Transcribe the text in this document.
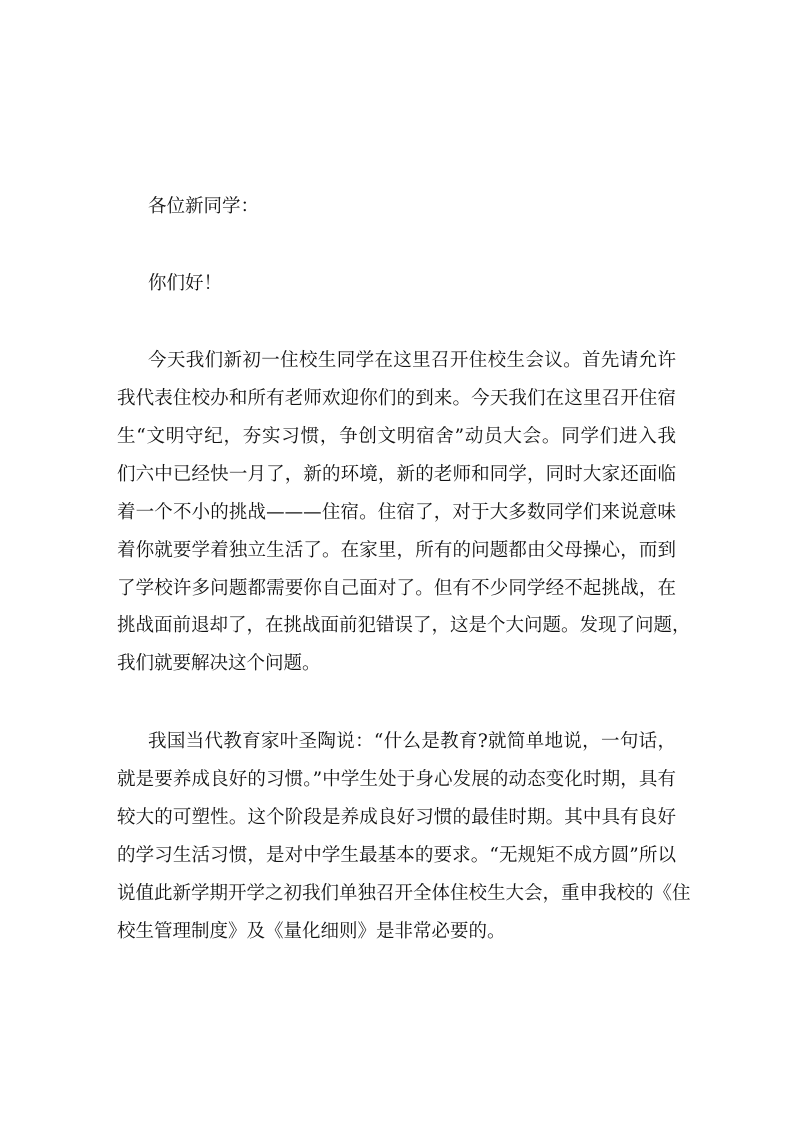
各位新同学：
你们好！
今天我们新初一住校生同学在这里召开住校生会议。首先请允许
我代表住校办和所有老师欢迎你们的到来。今天我们在这里召开住宿
生“文明守纪，夯实习惯，争创文明宿舍”动员大会。同学们进入我
们六中已经快一月了，新的环境，新的老师和同学，同时大家还面临
着一个不小的挑战———住宿。住宿了，对于大多数同学们来说意味
着你就要学着独立生活了。在家里，所有的问题都由父母操心，而到
了学校许多问题都需要你自己面对了。但有不少同学经不起挑战，在
挑战面前退却了，在挑战面前犯错误了，这是个大问题。发现了问题，
我们就要解决这个问题。
我国当代教育家叶圣陶说：“什么是教育?就简单地说，一句话，
就是要养成良好的习惯。”中学生处于身心发展的动态变化时期，具有
较大的可塑性。这个阶段是养成良好习惯的最佳时期。其中具有良好
的学习生活习惯，是对中学生最基本的要求。“无规矩不成方圆”所以
说值此新学期开学之初我们单独召开全体住校生大会，重申我校的《住
校生管理制度》及《量化细则》是非常必要的。
